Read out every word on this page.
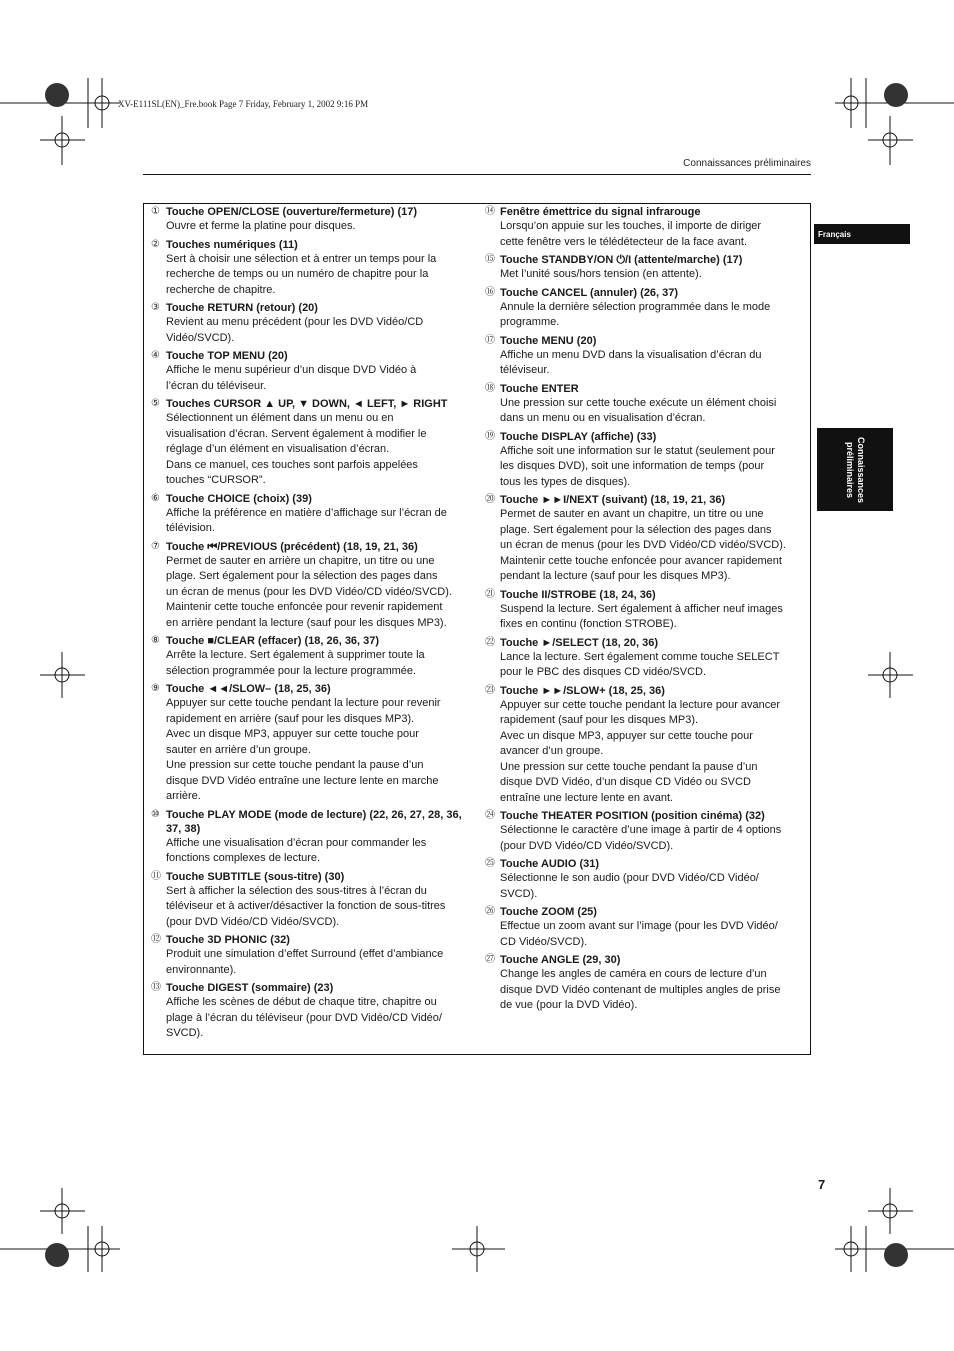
XV-E111SL(EN)_Fre.book Page 7 Friday, February 1, 2002 9:16 PM
Connaissances préliminaires
Français
Connaissances
préliminaires
① Touche OPEN/CLOSE (ouverture/fermeture) (17)
Ouvre et ferme la platine pour disques.
② Touches numériques (11)
Sert à choisir une sélection et à entrer un temps pour la
recherche de temps ou un numéro de chapitre pour la
recherche de chapitre.
③ Touche RETURN (retour) (20)
Revient au menu précédent (pour les DVD Vidéo/CD
Vidéo/SVCD).
④ Touche TOP MENU (20)
Affiche le menu supérieur d’un disque DVD Vidéo à
l’écran du téléviseur.
⑤ Touches CURSOR ▲ UP, ▼ DOWN, ◄ LEFT, ► RIGHT
Sélectionnent un élément dans un menu ou en
visualisation d’écran. Servent également à modifier le
réglage d’un élément en visualisation d’écran.
Dans ce manuel, ces touches sont parfois appelées
touches “CURSOR”.
⑥ Touche CHOICE (choix) (39)
Affiche la préférence en matière d’affichage sur l’écran de
télévision.
⑦ Touche ⏮/PREVIOUS (précédent) (18, 19, 21, 36)
Permet de sauter en arrière un chapitre, un titre ou une
plage. Sert également pour la sélection des pages dans
un écran de menus (pour les DVD Vidéo/CD vidéo/SVCD).
Maintenir cette touche enfoncée pour revenir rapidement
en arrière pendant la lecture (sauf pour les disques MP3).
⑧ Touche ■/CLEAR (effacer) (18, 26, 36, 37)
Arrête la lecture. Sert également à supprimer toute la
sélection programmée pour la lecture programmée.
⑨ Touche ◄◄/SLOW– (18, 25, 36)
Appuyer sur cette touche pendant la lecture pour revenir
rapidement en arrière (sauf pour les disques MP3).
Avec un disque MP3, appuyer sur cette touche pour
sauter en arrière d’un groupe.
Une pression sur cette touche pendant la pause d’un
disque DVD Vidéo entraîne une lecture lente en marche
arrière.
⑩ Touche PLAY MODE (mode de lecture) (22, 26, 27, 28, 36, 37, 38)
Affiche une visualisation d’écran pour commander les
fonctions complexes de lecture.
⑪ Touche SUBTITLE (sous-titre) (30)
Sert à afficher la sélection des sous-titres à l’écran du
téléviseur et à activer/désactiver la fonction de sous-titres
(pour DVD Vidéo/CD Vidéo/SVCD).
⑫ Touche 3D PHONIC (32)
Produit une simulation d’effet Surround (effet d’ambiance
environnante).
⑬ Touche DIGEST (sommaire) (23)
Affiche les scènes de début de chaque titre, chapitre ou
plage à l’écran du téléviseur (pour DVD Vidéo/CD Vidéo/
SVCD).
⑭ Fenêtre émettrice du signal infrarouge
Lorsqu’on appuie sur les touches, il importe de diriger
cette fenêtre vers le télédétecteur de la face avant.
⑮ Touche STANDBY/ON ⏻/I (attente/marche) (17)
Met l’unité sous/hors tension (en attente).
⑯ Touche CANCEL (annuler) (26, 37)
Annule la dernière sélection programmée dans le mode
programme.
⑰ Touche MENU (20)
Affiche un menu DVD dans la visualisation d’écran du
téléviseur.
⑱ Touche ENTER
Une pression sur cette touche exécute un élément choisi
dans un menu ou en visualisation d’écran.
⑲ Touche DISPLAY (affiche) (33)
Affiche soit une information sur le statut (seulement pour
les disques DVD), soit une information de temps (pour
tous les types de disques).
⑳ Touche ►►I/NEXT (suivant) (18, 19, 21, 36)
Permet de sauter en avant un chapitre, un titre ou une
plage. Sert également pour la sélection des pages dans
un écran de menus (pour les DVD Vidéo/CD vidéo/SVCD).
Maintenir cette touche enfoncée pour avancer rapidement
pendant la lecture (sauf pour les disques MP3).
㉑ Touche II/STROBE (18, 24, 36)
Suspend la lecture. Sert également à afficher neuf images
fixes en continu (fonction STROBE).
㉒ Touche ►/SELECT (18, 20, 36)
Lance la lecture. Sert également comme touche SELECT
pour le PBC des disques CD vidéo/SVCD.
㉓ Touche ►►/SLOW+ (18, 25, 36)
Appuyer sur cette touche pendant la lecture pour avancer
rapidement (sauf pour les disques MP3).
Avec un disque MP3, appuyer sur cette touche pour
avancer d’un groupe.
Une pression sur cette touche pendant la pause d’un
disque DVD Vidéo, d’un disque CD Vidéo ou SVCD
entraîne une lecture lente en avant.
㉔ Touche THEATER POSITION (position cinéma) (32)
Sélectionne le caractère d’une image à partir de 4 options
(pour DVD Vidéo/CD Vidéo/SVCD).
㉕ Touche AUDIO (31)
Sélectionne le son audio (pour DVD Vidéo/CD Vidéo/
SVCD).
㉖ Touche ZOOM (25)
Effectue un zoom avant sur l’image (pour les DVD Vidéo/
CD Vidéo/SVCD).
㉗ Touche ANGLE (29, 30)
Change les angles de caméra en cours de lecture d’un
disque DVD Vidéo contenant de multiples angles de prise
de vue (pour la DVD Vidéo).
7
